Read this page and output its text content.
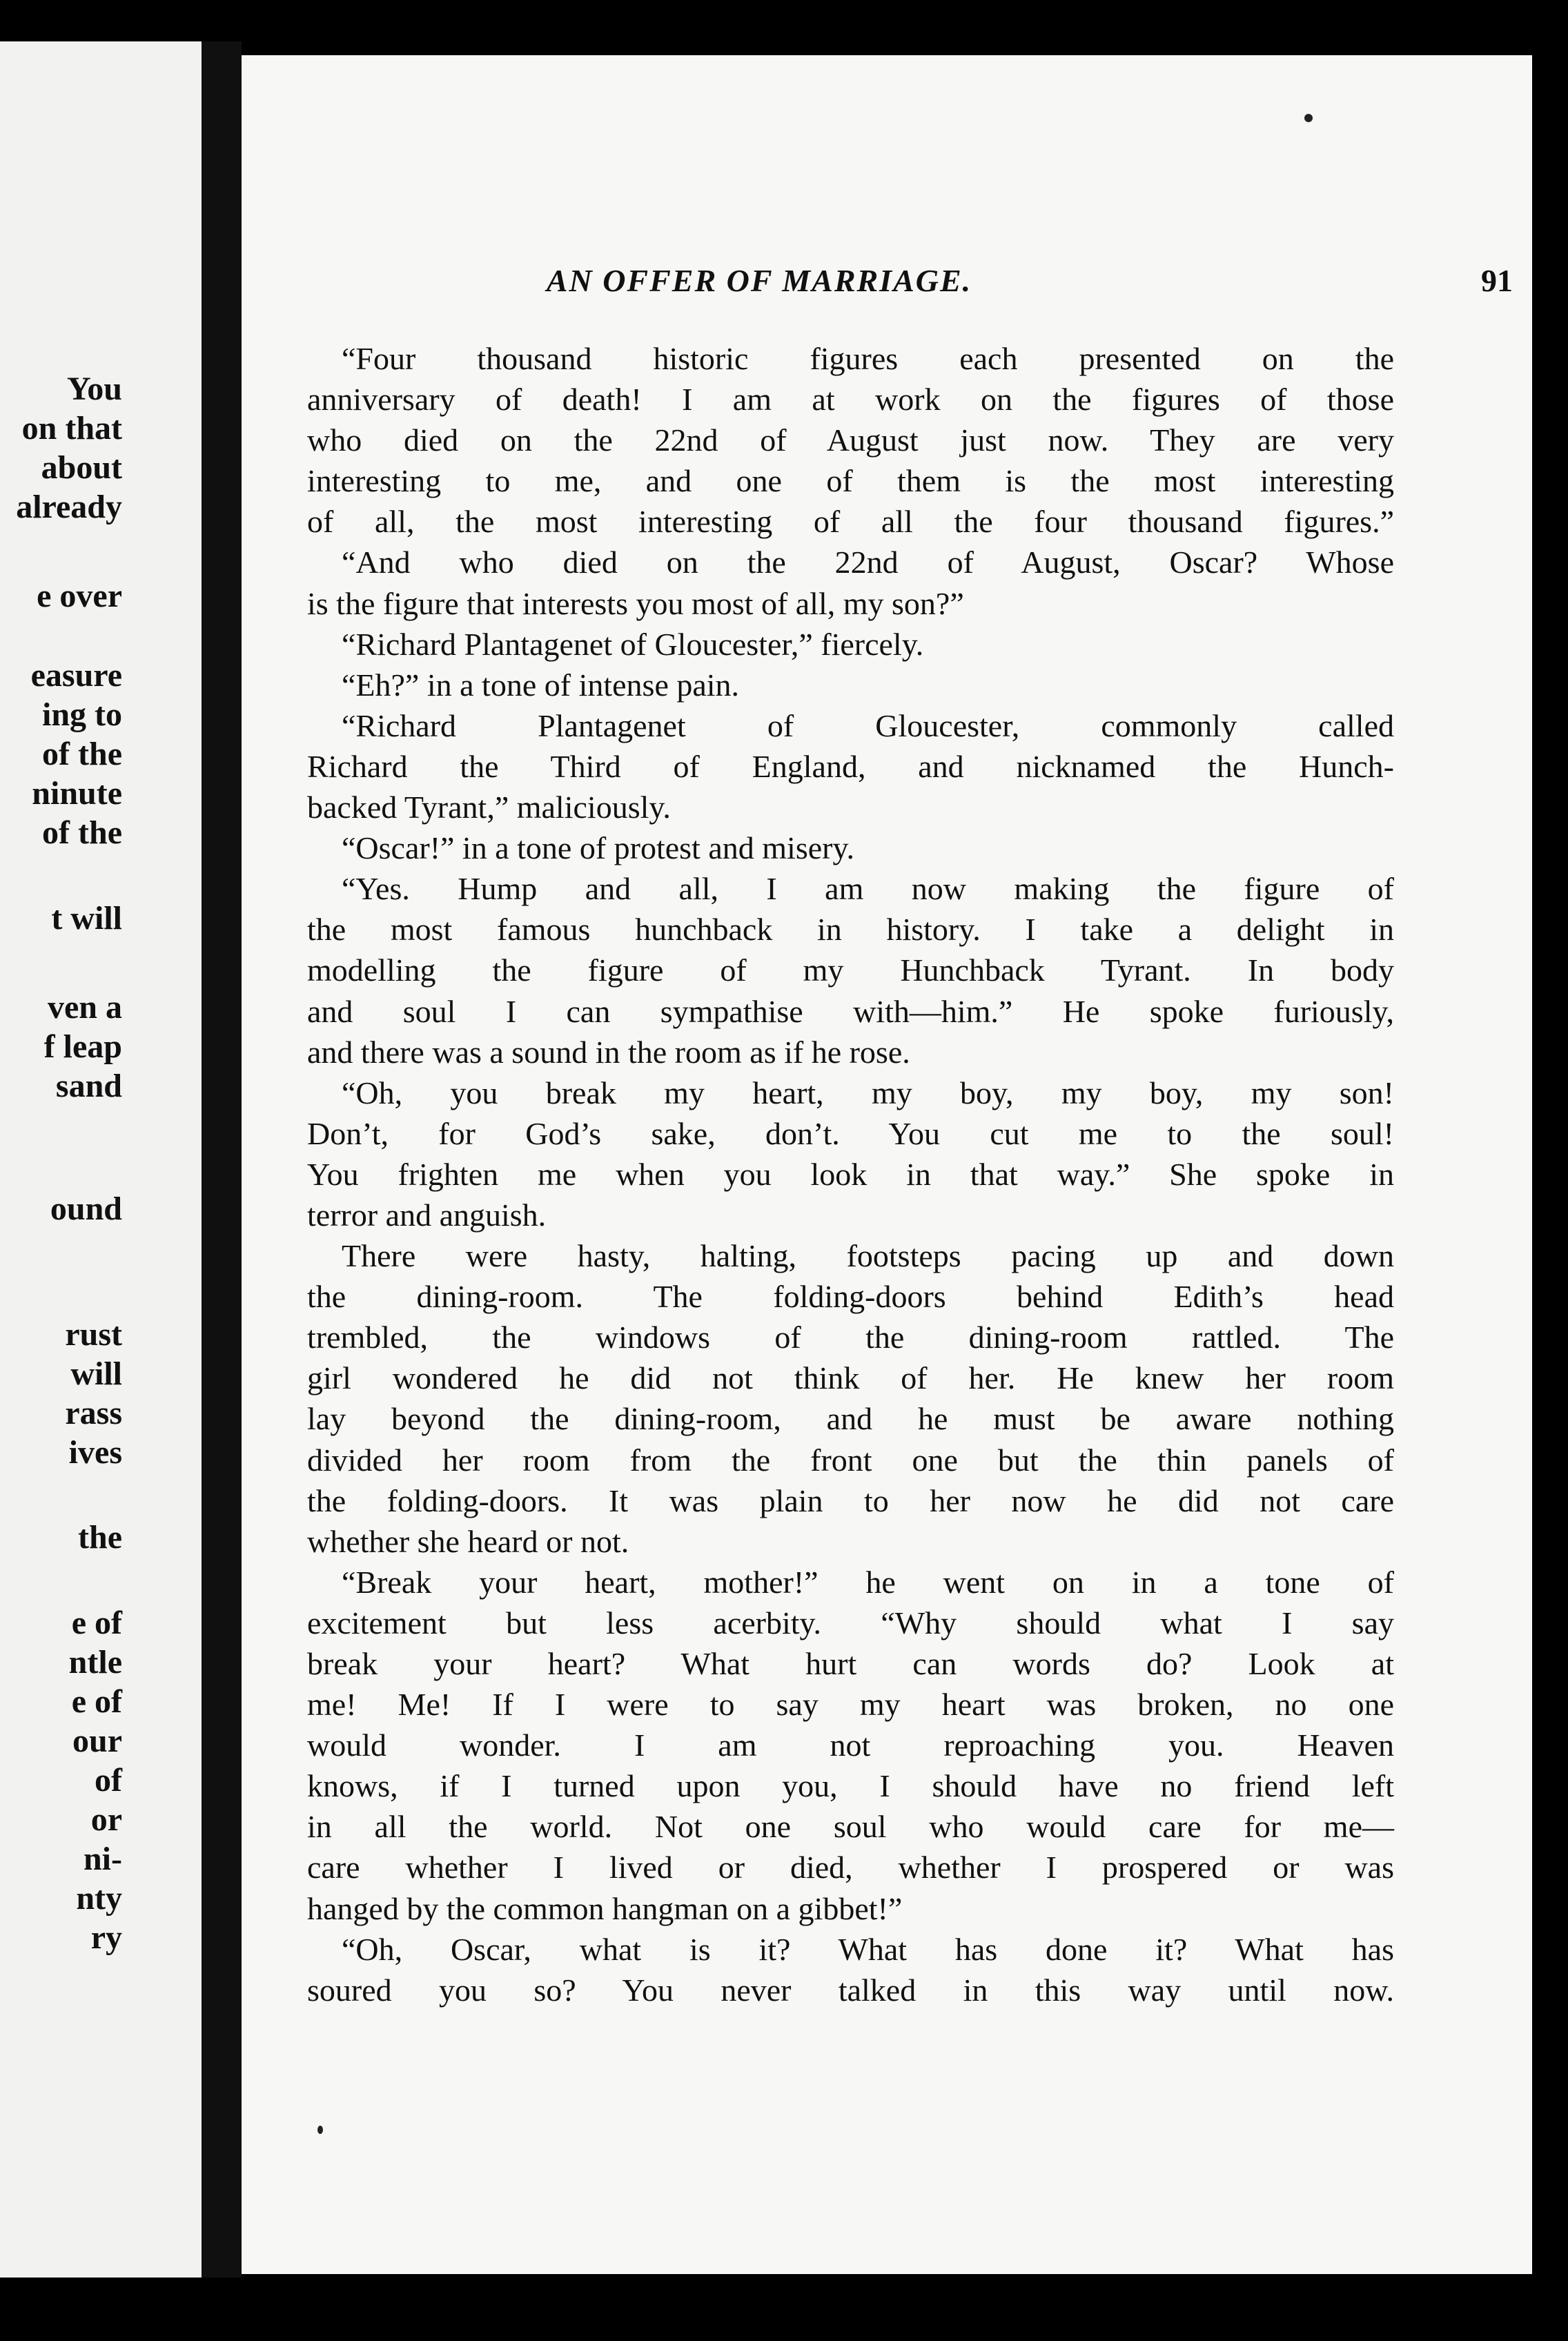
You
on that
about
already
e over
easure
ing to
of the
ninute
of the
t will
ven a
f leap
sand
ound
rust
will
rass
ives
the
e of
ntle
e of
our
of
or
ni-
nty
ry
AN OFFER OF MARRIAGE.	91
“Four thousand historic figures each presented on the
anniversary of death! I am at work on the figures of those
who died on the 22nd of August just now. They are very
interesting to me, and one of them is the most interesting
of all, the most interesting of all the four thousand figures.”
“And who died on the 22nd of August, Oscar? Whose
is the figure that interests you most of all, my son?”
“Richard Plantagenet of Gloucester,” fiercely.
“Eh?” in a tone of intense pain.
“Richard Plantagenet of Gloucester, commonly called
Richard the Third of England, and nicknamed the Hunch-
backed Tyrant,” maliciously.
“Oscar!” in a tone of protest and misery.
“Yes. Hump and all, I am now making the figure of
the most famous hunchback in history. I take a delight in
modelling the figure of my Hunchback Tyrant. In body
and soul I can sympathise with—him.” He spoke furiously,
and there was a sound in the room as if he rose.
“Oh, you break my heart, my boy, my boy, my son!
Don’t, for God’s sake, don’t. You cut me to the soul!
You frighten me when you look in that way.” She spoke in
terror and anguish.
There were hasty, halting, footsteps pacing up and down
the dining-room. The folding-doors behind Edith’s head
trembled, the windows of the dining-room rattled. The
girl wondered he did not think of her. He knew her room
lay beyond the dining-room, and he must be aware nothing
divided her room from the front one but the thin panels of
the folding-doors. It was plain to her now he did not care
whether she heard or not.
“Break your heart, mother!” he went on in a tone of
excitement but less acerbity. “Why should what I say
break your heart? What hurt can words do? Look at
me! Me! If I were to say my heart was broken, no one
would wonder. I am not reproaching you. Heaven
knows, if I turned upon you, I should have no friend left
in all the world. Not one soul who would care for me—
care whether I lived or died, whether I prospered or was
hanged by the common hangman on a gibbet!”
“Oh, Oscar, what is it? What has done it? What has
soured you so? You never talked in this way until now.
